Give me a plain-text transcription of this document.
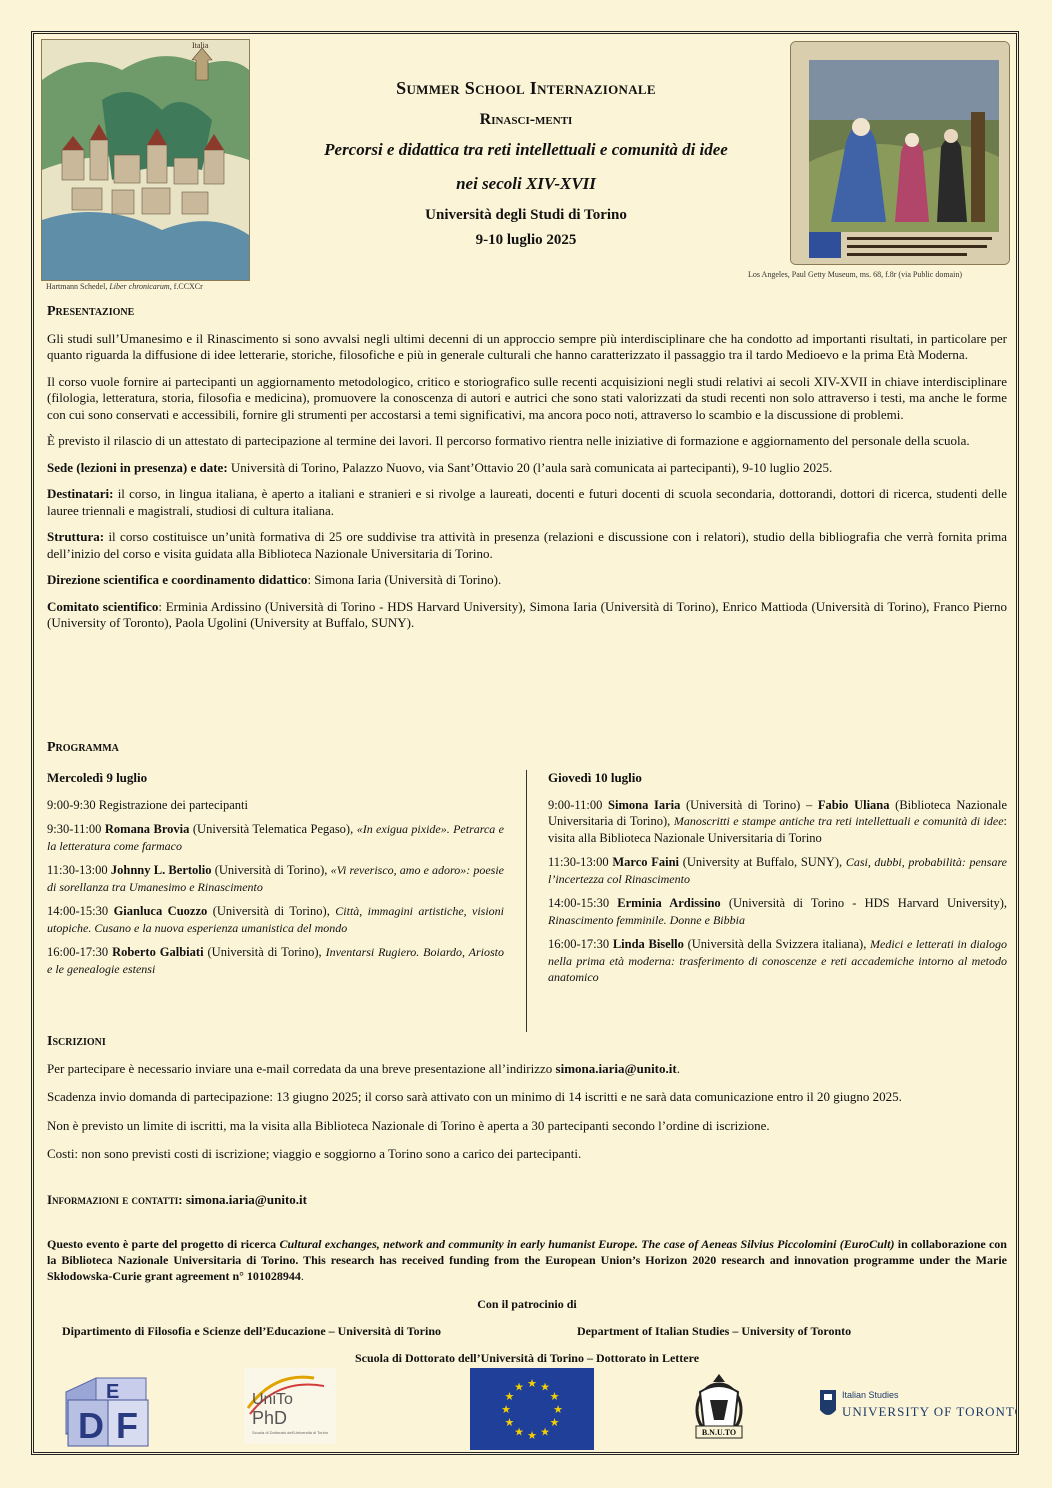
Italia
Hartmann Schedel, Liber chronicarum, f.CCXCr
Los Angeles, Paul Getty Museum, ms. 68, f.8r (via Public domain)
Summer School Internazionale
Rinasci-menti
Percorsi e didattica tra reti intellettuali e comunità di idee
nei secoli XIV-XVII
Università degli Studi di Torino
9-10 luglio 2025
Presentazione
Gli studi sull’Umanesimo e il Rinascimento si sono avvalsi negli ultimi decenni di un approccio sempre più interdisciplinare che ha condotto ad importanti risultati, in particolare per quanto riguarda la diffusione di idee letterarie, storiche, filosofiche e più in generale culturali che hanno caratterizzato il passaggio tra il tardo Medioevo e la prima Età Moderna.
Il corso vuole fornire ai partecipanti un aggiornamento metodologico, critico e storiografico sulle recenti acquisizioni negli studi relativi ai secoli XIV-XVII in chiave interdisciplinare (filologia, letteratura, storia, filosofia e medicina), promuovere la conoscenza di autori e autrici che sono stati valorizzati da studi recenti non solo attraverso i testi, ma anche le forme con cui sono conservati e accessibili, fornire gli strumenti per accostarsi a temi significativi, ma ancora poco noti, attraverso lo scambio e la discussione di problemi.
È previsto il rilascio di un attestato di partecipazione al termine dei lavori. Il percorso formativo rientra nelle iniziative di formazione e aggiornamento del personale della scuola.
Sede (lezioni in presenza) e date: Università di Torino, Palazzo Nuovo, via Sant’Ottavio 20 (l’aula sarà comunicata ai partecipanti), 9-10 luglio 2025.
Destinatari: il corso, in lingua italiana, è aperto a italiani e stranieri e si rivolge a laureati, docenti e futuri docenti di scuola secondaria, dottorandi, dottori di ricerca, studenti delle lauree triennali e magistrali, studiosi di cultura italiana.
Struttura: il corso costituisce un’unità formativa di 25 ore suddivise tra attività in presenza (relazioni e discussione con i relatori), studio della bibliografia che verrà fornita prima dell’inizio del corso e visita guidata alla Biblioteca Nazionale Universitaria di Torino.
Direzione scientifica e coordinamento didattico: Simona Iaria (Università di Torino).
Comitato scientifico: Erminia Ardissino (Università di Torino - HDS Harvard University), Simona Iaria (Università di Torino), Enrico Mattioda (Università di Torino), Franco Pierno (University of Toronto), Paola Ugolini (University at Buffalo, SUNY).
Programma
Mercoledì 9 luglio
9:00-9:30 Registrazione dei partecipanti
9:30-11:00 Romana Brovia (Università Telematica Pegaso), «In exigua pixide». Petrarca e la letteratura come farmaco
11:30-13:00 Johnny L. Bertolio (Università di Torino), «Vi reverisco, amo e adoro»: poesie di sorellanza tra Umanesimo e Rinascimento
14:00-15:30 Gianluca Cuozzo (Università di Torino), Città, immagini artistiche, visioni utopiche. Cusano e la nuova esperienza umanistica del mondo
16:00-17:30 Roberto Galbiati (Università di Torino), Inventarsi Rugiero. Boiardo, Ariosto e le genealogie estensi
Giovedì 10 luglio
9:00-11:00 Simona Iaria (Università di Torino) – Fabio Uliana (Biblioteca Nazionale Universitaria di Torino), Manoscritti e stampe antiche tra reti intellettuali e comunità di idee: visita alla Biblioteca Nazionale Universitaria di Torino
11:30-13:00 Marco Faini (University at Buffalo, SUNY), Casi, dubbi, probabilità: pensare l’incertezza col Rinascimento
14:00-15:30 Erminia Ardissino (Università di Torino - HDS Harvard University), Rinascimento femminile. Donne e Bibbia
16:00-17:30 Linda Bisello (Università della Svizzera italiana), Medici e letterati in dialogo nella prima età moderna: trasferimento di conoscenze e reti accademiche intorno al metodo anatomico
Iscrizioni
Per partecipare è necessario inviare una e-mail corredata da una breve presentazione all’indirizzo simona.iaria@unito.it.
Scadenza invio domanda di partecipazione: 13 giugno 2025; il corso sarà attivato con un minimo di 14 iscritti e ne sarà data comunicazione entro il 20 giugno 2025.
Non è previsto un limite di iscritti, ma la visita alla Biblioteca Nazionale di Torino è aperta a 30 partecipanti secondo l’ordine di iscrizione.
Costi: non sono previsti costi di iscrizione; viaggio e soggiorno a Torino sono a carico dei partecipanti.
Informazioni e contatti: simona.iaria@unito.it
Questo evento è parte del progetto di ricerca Cultural exchanges, network and community in early humanist Europe. The case of Aeneas Silvius Piccolomini (EuroCult) in collaborazione con la Biblioteca Nazionale Universitaria di Torino. This research has received funding from the European Union’s Horizon 2020 research and innovation programme under the Marie Skłodowska-Curie grant agreement n° 101028944.
Con il patrocinio di
Dipartimento di Filosofia e Scienze dell’Educazione – Università di Torino	Department of Italian Studies – University of Toronto
Scuola di Dottorato dell’Università di Torino – Dottorato in Lettere
D F
E	UniTo
PhD
Scuola di Dottorato dell'Università di Torino
★ ★
★
★
★
★
★
★
★
★
★
★
B.N.U.TO
Italian Studies
UNIVERSITY OF TORONTO
